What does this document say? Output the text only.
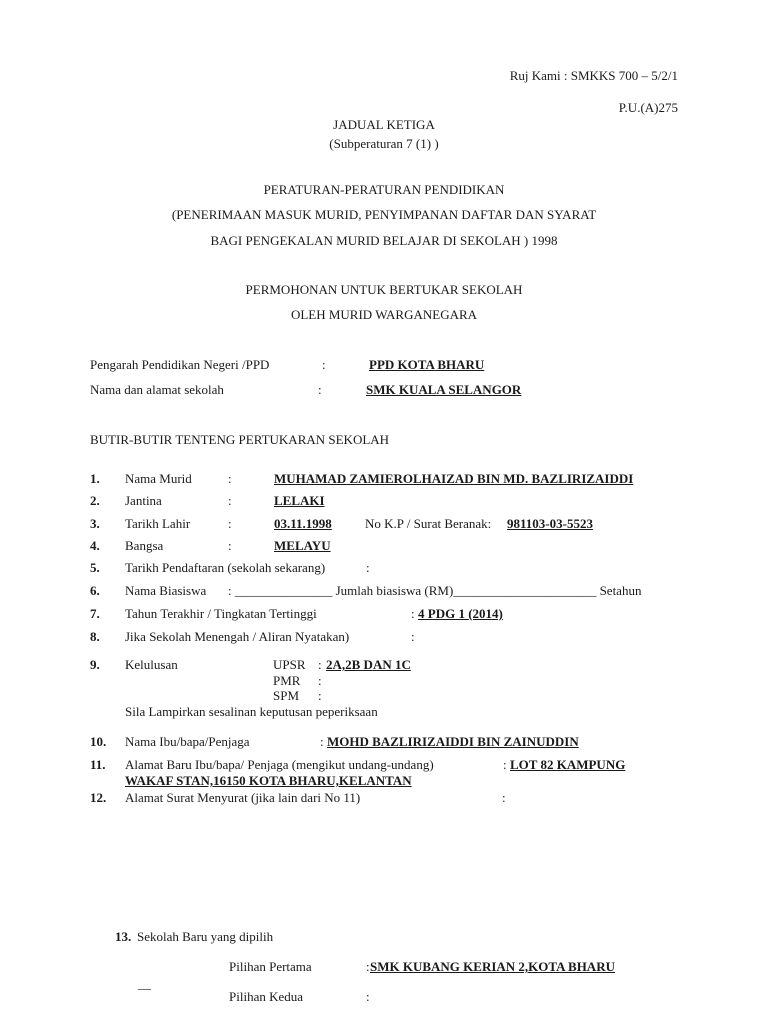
Ruj Kami : SMKKS 700 – 5/2/1
P.U.(A)275
JADUAL KETIGA
(Subperaturan 7 (1) )
PERATURAN-PERATURAN PENDIDIKAN
(PENERIMAAN MASUK MURID, PENYIMPANAN DAFTAR DAN SYARAT
BAGI PENGEKALAN MURID BELAJAR DI SEKOLAH ) 1998
PERMOHONAN UNTUK BERTUKAR SEKOLAH
OLEH MURID WARGANEGARA
Pengarah Pendidikan Negeri /PPD	:	PPD KOTA BHARU
Nama dan alamat sekolah	:	SMK KUALA SELANGOR
BUTIR-BUTIR TENTENG PERTUKARAN SEKOLAH
1. Nama Murid	:	MUHAMAD ZAMIEROLHAIZAD BIN MD. BAZLIRIZAIDDI
2. Jantina	:	LELAKI
3. Tarikh Lahir	:	03.11.1998	No K.P / Surat Beranak: 981103-03-5523
4. Bangsa	:	MELAYU
5. Tarikh Pendaftaran (sekolah sekarang)	:
6. Nama Biasiswa : _______________ Jumlah biasiswa (RM)______________________ Setahun
7. Tahun Terakhir / Tingkatan Tertinggi	: 4 PDG 1 (2014)
8. Jika Sekolah Menengah / Aliran Nyatakan)	:
9. Kelulusan	UPSR : 2A,2B DAN 1C
PMR :
SPM :
Sila Lampirkan sesalinan keputusan peperiksaan
10. Nama Ibu/bapa/Penjaga	: MOHD BAZLIRIZAIDDI BIN ZAINUDDIN
11. Alamat Baru Ibu/bapa/ Penjaga (mengikut undang-undang)	: LOT 82 KAMPUNG
WAKAF STAN,16150 KOTA BHARU,KELANTAN
12. Alamat Surat Menyurat (jika lain dari No 11)	:
13. Sekolah Baru yang dipilih
Pilihan Pertama	: SMK KUBANG KERIAN 2,KOTA BHARU
__
Pilihan Kedua	:
